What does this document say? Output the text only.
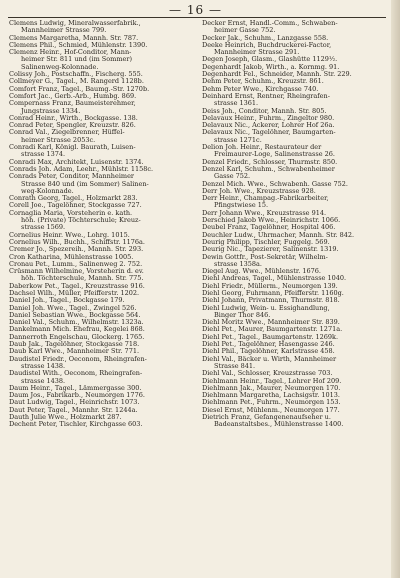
— 16 —
Clemens Ludwig, Mineralwasserfabrik.,
Mannheimer Strasse 799.
Clemens Margaretha, Mannh. Str. 787.
Clemens Phil., Schmied, Mühlenstr. 1390.
Clemenz Heinr., Hof-Conditor, Mann-
heimer Str. 811 und (im Sommer)
Salinenweg-Kolonnade.
Colissy Joh., Postschaffn., Fischerg. 555.
Collmeyer G., Tagel., M. Rangerd 1128b.
Comfort Franz, Tagel., Baumg.-Str. 1270b.
Comfort Jac., Gerb.-Arb., Humbg. 869.
Compernass Franz, Baumeisterehmer,
Jungstrasse 1334.
Conrad Heinr., Wirth., Bockgasse. 138.
Conrad Peter, Spengler, Kreuzstr. 826.
Conrad Val., Ziegelbrenner, Hüffel-
heimer Strasse 2053c.
Conradi Karl, Königl. Baurath, Luisen-
strasse 1374.
Conradi Max, Architekt, Luisenstr. 1374.
Conrads Joh. Adam, Leehr., Mühlstr. 1158c.
Conrads Peter, Conditor, Mannheimer
Strasse 840 und (im Sommer) Salinen-
weg-Kolonnade.
Conrath Georg, Tagel., Holzmarkt 283.
Corell Joe., Tagelöhner, Stockgasse 727.
Cornaglia Maria, Vorsteherin e. kath.
höh. (Private) Töchterschule; Kreuz-
strasse 1569.
Cornelius Heinr. Wwe., Lohrg. 1015.
Cornelius Wilh., Buchh., Schiffstr. 1176a.
Cremer Jo., Spezereih., Mannh. Str. 293.
Cron Katharina, Mühlenstrasse 1005.
Cronau Pet., Lumm., Salinenweg 2. 752.
Crüsmann Wilhelmine, Vorsteherin d. ev.
höh. Töchterschule, Mannh. Str. 775.
Daberkow Pet., Tagel., Kreuzstrasse 916.
Dachsel Wilh., Müller, Pfeifferstr. 1202.
Daniel Joh., Tagel., Bockgasse 179.
Daniel Joh. Wwe., Tagel., Zwingel 526.
Daniel Sebastian Wwe., Bockgasse 564.
Daniel Val., Schuhm., Wilhelmstr. 1323a.
Dankelmann Mich. Ehefrau, Kegelei 868.
Dannerroth Engelschau, Glockerg. 1765.
Daub Jak., Tagelöhner, Stockgasse 718.
Daub Karl Wwe., Mannheimer Str. 771.
Daudistel Friedr., Oeconom, Rheingrafen-
strasse 1438.
Daudistel With., Oeconom, Rheingrafen-
strasse 1438.
Daum Heinr., Tagel., Lämmergasse 300.
Daum Jos., Fabrikarb., Neumorgen 1776.
Daut Ludwig, Tagel., Heinrichstr. 1073.
Daut Peter, Tagel., Mannhr. Str. 1244a.
Dauth Julie Wwe., Holzmarkt 287.
Dechent Peter, Tischler, Kirchgasse 603.
Decker Ernst, Handl.-Comm., Schwaben-
heimer Gasse 752.
Decker Jak., Schuhm., Lanzgasse 558.
Deeke Heinrich, Buchdruckerei-Factor,
Mannheimer Strasse 291.
Degen Joseph, Glasm., Glashütte 1129½.
Degenhardt Jakob, Wirth., a. Kornmg. 91.
Degenhardt Fel., Schneider, Mannh. Str. 229.
Dehm Peter, Schuhm., Kreuzstr. 861.
Dehm Peter Wwe., Kirchgasse 740.
Deinhard Ernst, Rentner, Rheingrafen-
strasse 1361.
Deiss Joh., Conditor, Mannh. Str. 805.
Delavaux Heinr., Fuhrm., Zingeltor 980.
Delavaux Nic., Ackerer, Lohrer Hof 26a.
Delavaux Nic., Tagelöhner, Baumgarten-
strasse 1271c.
Delion Joh. Heinr., Restaurateur der
Freimaurer-Loge, Salinenstrasse 26.
Denzel Friedr., Schlosser, Thurmstr. 850.
Denzel Karl, Schuhm., Schwabenheimer
Gasse 752.
Denzel Mich. Wwe., Schwabenh. Gasse 752.
Derr Joh. Wwe., Kreuzstrasse 928.
Derr Heinr., Champag.-Fabrikarbeiter,
Pfingstwiese 15.
Derr Johann Wwe., Kreuzstrasse 914.
Derschied Jakob Wwe., Heinrichstr. 1066.
Deubel Franz, Tagelöhner, Hospital 406.
Deuchler Ludw., Uhrmacher, Mannh. Str. 842.
Deurig Philipp, Tischler, Fuggelg. 569.
Deurig Nic., Tapezierer, Salinenstr. 1319.
Dewin Gottfr., Post-Sekretär, Wilhelm-
strasse 1358a.
Diegel Aug. Wwe., Mühlenstr. 1676.
Diehl Andreas, Tagel., Mühlenstrasse 1040.
Diehl Friedr., Müllerm., Neumorgen 139.
Diehl Georg, Fuhrmann, Pfeifferstr. 1160g.
Diehl Johann, Privatmann, Thurmstr. 818.
Diehl Ludwig, Wein- u. Essighandlung,
Binger Thor 846.
Diehl Moritz Wwe., Mannheimer Str. 839.
Diehl Pet., Maurer, Baumgartenstr. 1271a.
Diehl Pet., Tagel., Baumgartenstr. 1269k.
Diehl Pet., Tagelöhner, Hasengasse 246.
Diehl Phil., Tagelöhner, Karlstrasse 458.
Diehl Val., Bäcker u. Wirth, Mannheimer
Strasse 841.
Diehl Val., Schlosser, Kreuzstrasse 703.
Diehlmann Heinr., Tagel., Lohrer Hof 209.
Diehlmann Jak., Maurer, Neumorgen 170.
Diehlmann Margaretha, Lachsigstr. 1013.
Diehlmann Pet., Fuhrm., Neumorgen 153.
Diesel Ernst, Mühlenm., Neumorgen 177.
Dietrich Franz, Gefangenenaufseher u.
Badeanstaltsbes., Mühlenstrasse 1400.
